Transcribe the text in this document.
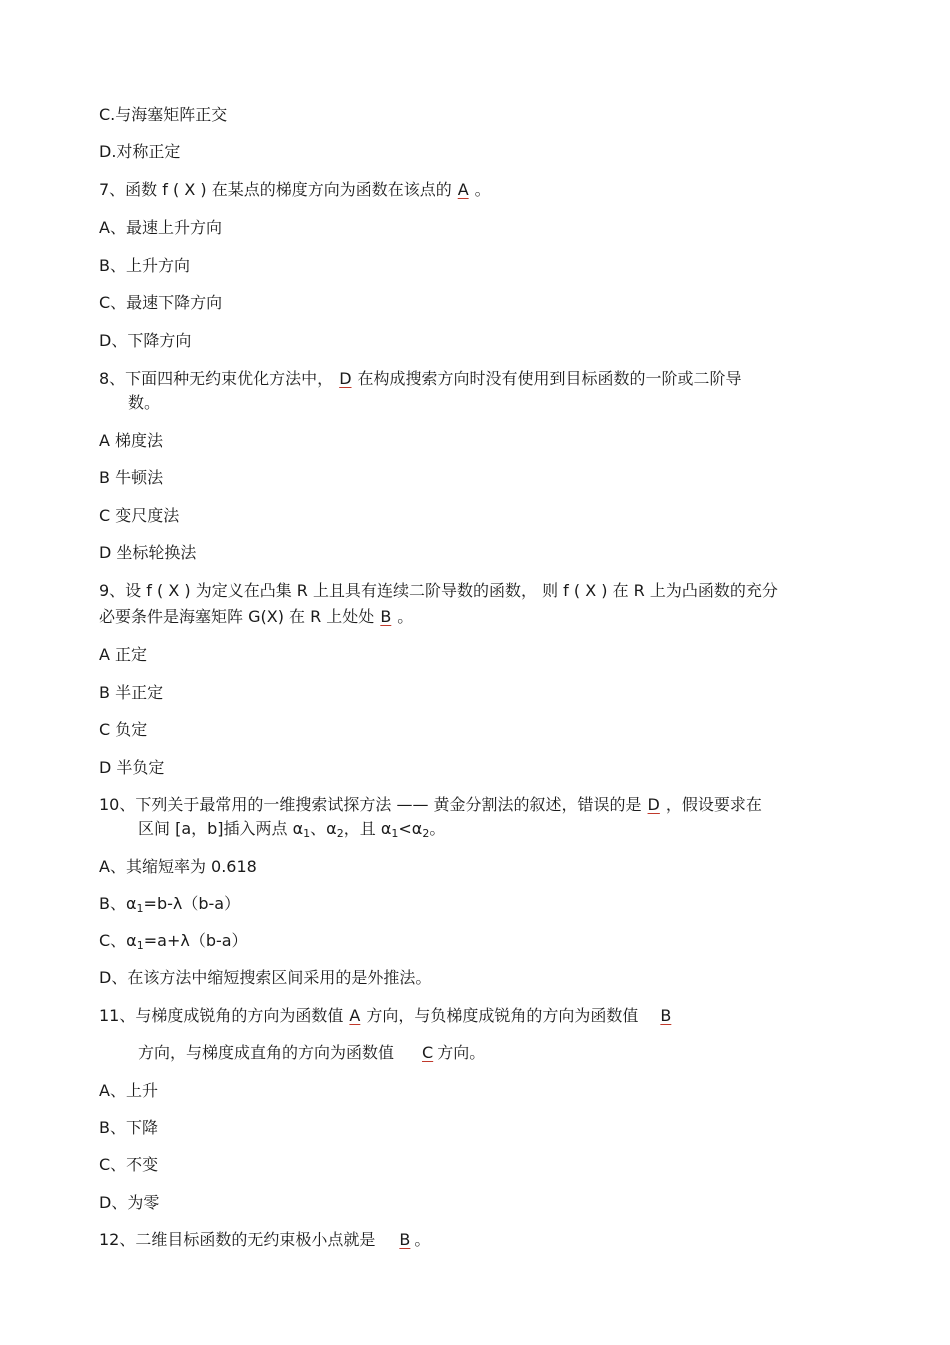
C.与海塞矩阵正交
D.对称正定
7、函数 f ( X ) 在某点的梯度方向为函数在该点的 A 。
A、最速上升方向
B、上升方向
C、最速下降方向
D、下降方向
8、下面四种无约束优化方法中， D 在构成搜索方向时没有使用到目标函数的一阶或二阶导
数。
A 梯度法
B 牛顿法
C 变尺度法
D 坐标轮换法
9、设 f ( X ) 为定义在凸集 R 上且具有连续二阶导数的函数， 则 f ( X ) 在 R 上为凸函数的充分
必要条件是海塞矩阵 G(X) 在 R 上处处 B 。
A 正定
B 半正定
C 负定
D 半负定
10、下列关于最常用的一维搜索试探方法 —— 黄金分割法的叙述，错误的是 D ，假设要求在
区间 [a，b]插入两点 $\alpha_1$、$\alpha_2$，且 $\alpha_1<\alpha_2$。
A、其缩短率为 0.618
B、$\alpha_1=b-\lambda(b-a)$
C、$\alpha_1=a+\lambda(b-a)$
D、在该方法中缩短搜索区间采用的是外推法。
11、与梯度成锐角的方向为函数值 A 方向，与负梯度成锐角的方向为函数值 B
方向，与梯度成直角的方向为函数值 C 方向。
A、上升
B、下降
C、不变
D、为零
12、二维目标函数的无约束极小点就是 B 。
